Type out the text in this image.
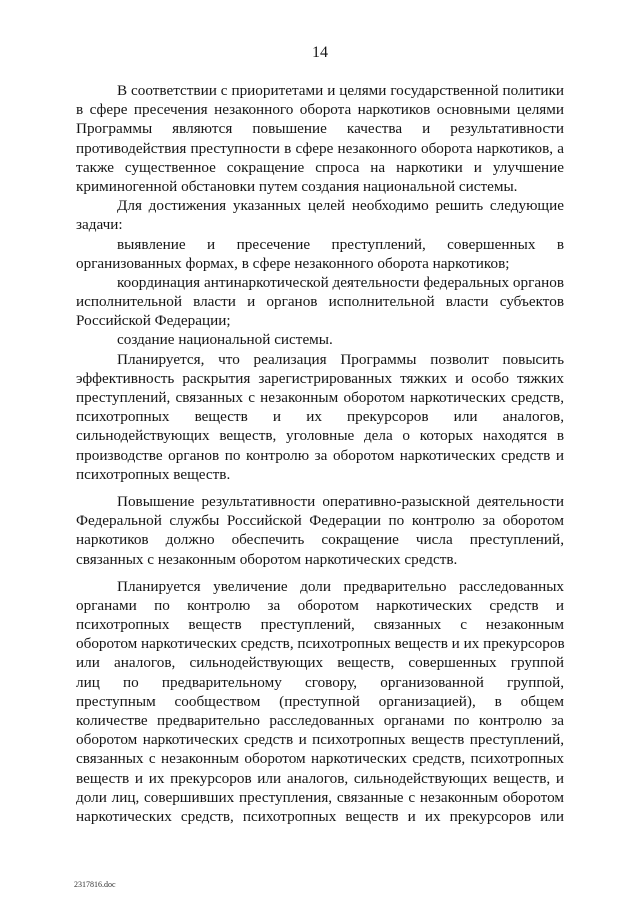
14
В соответствии с приоритетами и целями государственной политики
в сфере пресечения незаконного оборота наркотиков основными целями
Программы являются повышение качества и результативности
противодействия преступности в сфере незаконного оборота наркотиков, а
также существенное сокращение спроса на наркотики и улучшение
криминогенной обстановки путем создания национальной системы.
Для достижения указанных целей необходимо решить следующие
задачи:
выявление и пресечение преступлений, совершенных в
организованных формах, в сфере незаконного оборота наркотиков;
координация антинаркотической деятельности федеральных органов
исполнительной власти и органов исполнительной власти субъектов
Российской Федерации;
создание национальной системы.
Планируется, что реализация Программы позволит повысить
эффективность раскрытия зарегистрированных тяжких и особо тяжких
преступлений, связанных с незаконным оборотом наркотических средств,
психотропных веществ и их прекурсоров или аналогов,
сильнодействующих веществ, уголовные дела о которых находятся в
производстве органов по контролю за оборотом наркотических средств и
психотропных веществ.
Повышение результативности оперативно-разыскной деятельности
Федеральной службы Российской Федерации по контролю за оборотом
наркотиков должно обеспечить сокращение числа преступлений,
связанных с незаконным оборотом наркотических средств.
Планируется увеличение доли предварительно расследованных
органами по контролю за оборотом наркотических средств и
психотропных веществ преступлений, связанных с незаконным
оборотом наркотических средств, психотропных веществ и их прекурсоров
или аналогов, сильнодействующих веществ, совершенных группой
лиц по предварительному сговору, организованной группой,
преступным сообществом (преступной организацией), в общем
количестве предварительно расследованных органами по контролю за
оборотом наркотических средств и психотропных веществ преступлений,
связанных с незаконным оборотом наркотических средств, психотропных
веществ и их прекурсоров или аналогов, сильнодействующих веществ, и
доли лиц, совершивших преступления, связанные с незаконным оборотом
наркотических средств, психотропных веществ и их прекурсоров или
2317816.doc
